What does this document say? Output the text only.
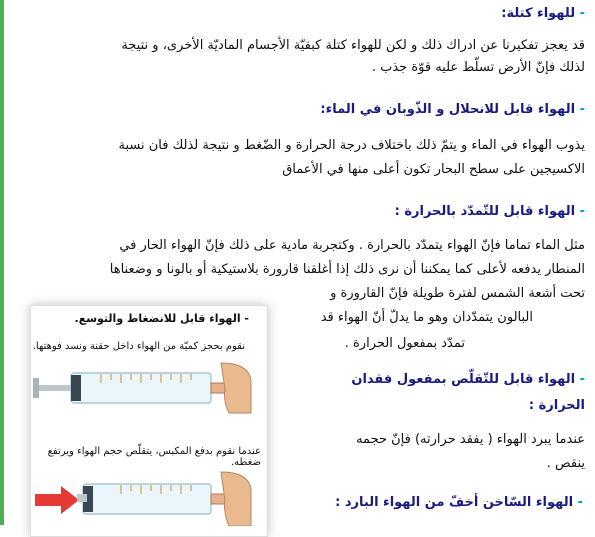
- للهواء كتلة:
قد يعجز تفكيرنا عن ادراك ذلك و لكن للهواء كتلة كبقيّة الأجسام الماديّة الأخرى، و نتيجة
لذلك فإنّ الأرض تسلّط عليه قوّة جذب .
- الهواء قابل للانحلال و الذّوبان في الماء:
يذوب الهواء في الماء و يتمّ ذلك باختلاف درجة الحرارة و الضّغط و نتيجة لذلك فان نسبة
الاكسيجين على سطح البحار تكون أعلى منها في الأعماق
- الهواء قابل للتّمدّد بالحرارة :
مثل الماء تماما فإنّ الهواء يتمدّد بالحرارة . وكتجربة مادية على ذلك فإنّ الهواء الحار في
المنطار يدفعه لأعلى كما يمكننا أن نرى ذلك إذا أغلقنا قارورة بلاستيكية أو بالونا و وضعناها
تحت أشعة الشمس لفترة طويلة فإنّ القارورة و
البالون يتمدّدان وهو ما يدلّ أنّ الهواء قد
تمدّد بمفعول الحرارة .
- الهواء قابل للتّقلّص بمفعول فقدان
الحرارة :
عندما يبرد الهواء ( يفقد حرارته) فإنّ حجمه
ينقص .
- الهواء السّاخن أخفّ من الهواء البارد :
- الهواء قابل للانضغاط والتوسع.
نقوم بحجز كميّة من الهواء داخل حقنة ونسد فوهتها.
عندما نقوم بدفع المكبس، يتقلّص حجم الهواء ويرتفع ضغطه.
